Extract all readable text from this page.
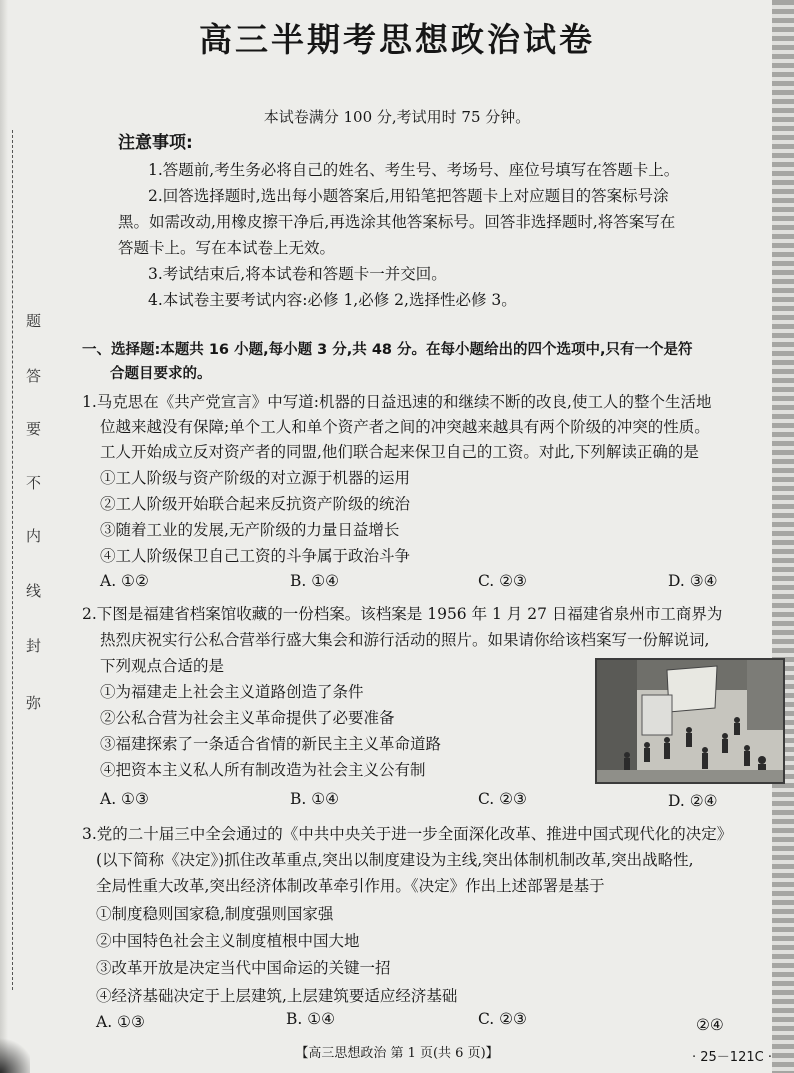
题
答
要
不
内
线
封
弥
高三半期考思想政治试卷
本试卷满分 100 分,考试用时 75 分钟。
注意事项:
1.答题前,考生务必将自己的姓名、考生号、考场号、座位号填写在答题卡上。
2.回答选择题时,选出每小题答案后,用铅笔把答题卡上对应题目的答案标号涂
黑。如需改动,用橡皮擦干净后,再选涂其他答案标号。回答非选择题时,将答案写在
答题卡上。写在本试卷上无效。
3.考试结束后,将本试卷和答题卡一并交回。
4.本试卷主要考试内容:必修 1,必修 2,选择性必修 3。
一、选择题:本题共 16 小题,每小题 3 分,共 48 分。在每小题给出的四个选项中,只有一个是符
合题目要求的。
1.马克思在《共产党宣言》中写道:机器的日益迅速的和继续不断的改良,使工人的整个生活地
位越来越没有保障;单个工人和单个资产者之间的冲突越来越具有两个阶级的冲突的性质。
工人开始成立反对资产者的同盟,他们联合起来保卫自己的工资。对此,下列解读正确的是
①工人阶级与资产阶级的对立源于机器的运用
②工人阶级开始联合起来反抗资产阶级的统治
③随着工业的发展,无产阶级的力量日益增长
④工人阶级保卫自己工资的斗争属于政治斗争
A. ①②	B. ①④	C. ②③	D. ③④
2.下图是福建省档案馆收藏的一份档案。该档案是 1956 年 1 月 27 日福建省泉州市工商界为
热烈庆祝实行公私合营举行盛大集会和游行活动的照片。如果请你给该档案写一份解说词,
下列观点合适的是
①为福建走上社会主义道路创造了条件
②公私合营为社会主义革命提供了必要准备
③福建探索了一条适合省情的新民主主义革命道路
④把资本主义私人所有制改造为社会主义公有制
A. ①③	B. ①④	C. ②③	D. ②④
3.党的二十届三中全会通过的《中共中央关于进一步全面深化改革、推进中国式现代化的决定》
(以下简称《决定》)抓住改革重点,突出以制度建设为主线,突出体制机制改革,突出战略性,
全局性重大改革,突出经济体制改革牵引作用。《决定》作出上述部署是基于
①制度稳则国家稳,制度强则国家强
②中国特色社会主义制度植根中国大地
③改革开放是决定当代中国命运的关键一招
④经济基础决定于上层建筑,上层建筑要适应经济基础
A. ①③	B. ①④	C. ②③	②④
【高三思想政治 第 1 页(共 6 页)】	· 25－121C ·
